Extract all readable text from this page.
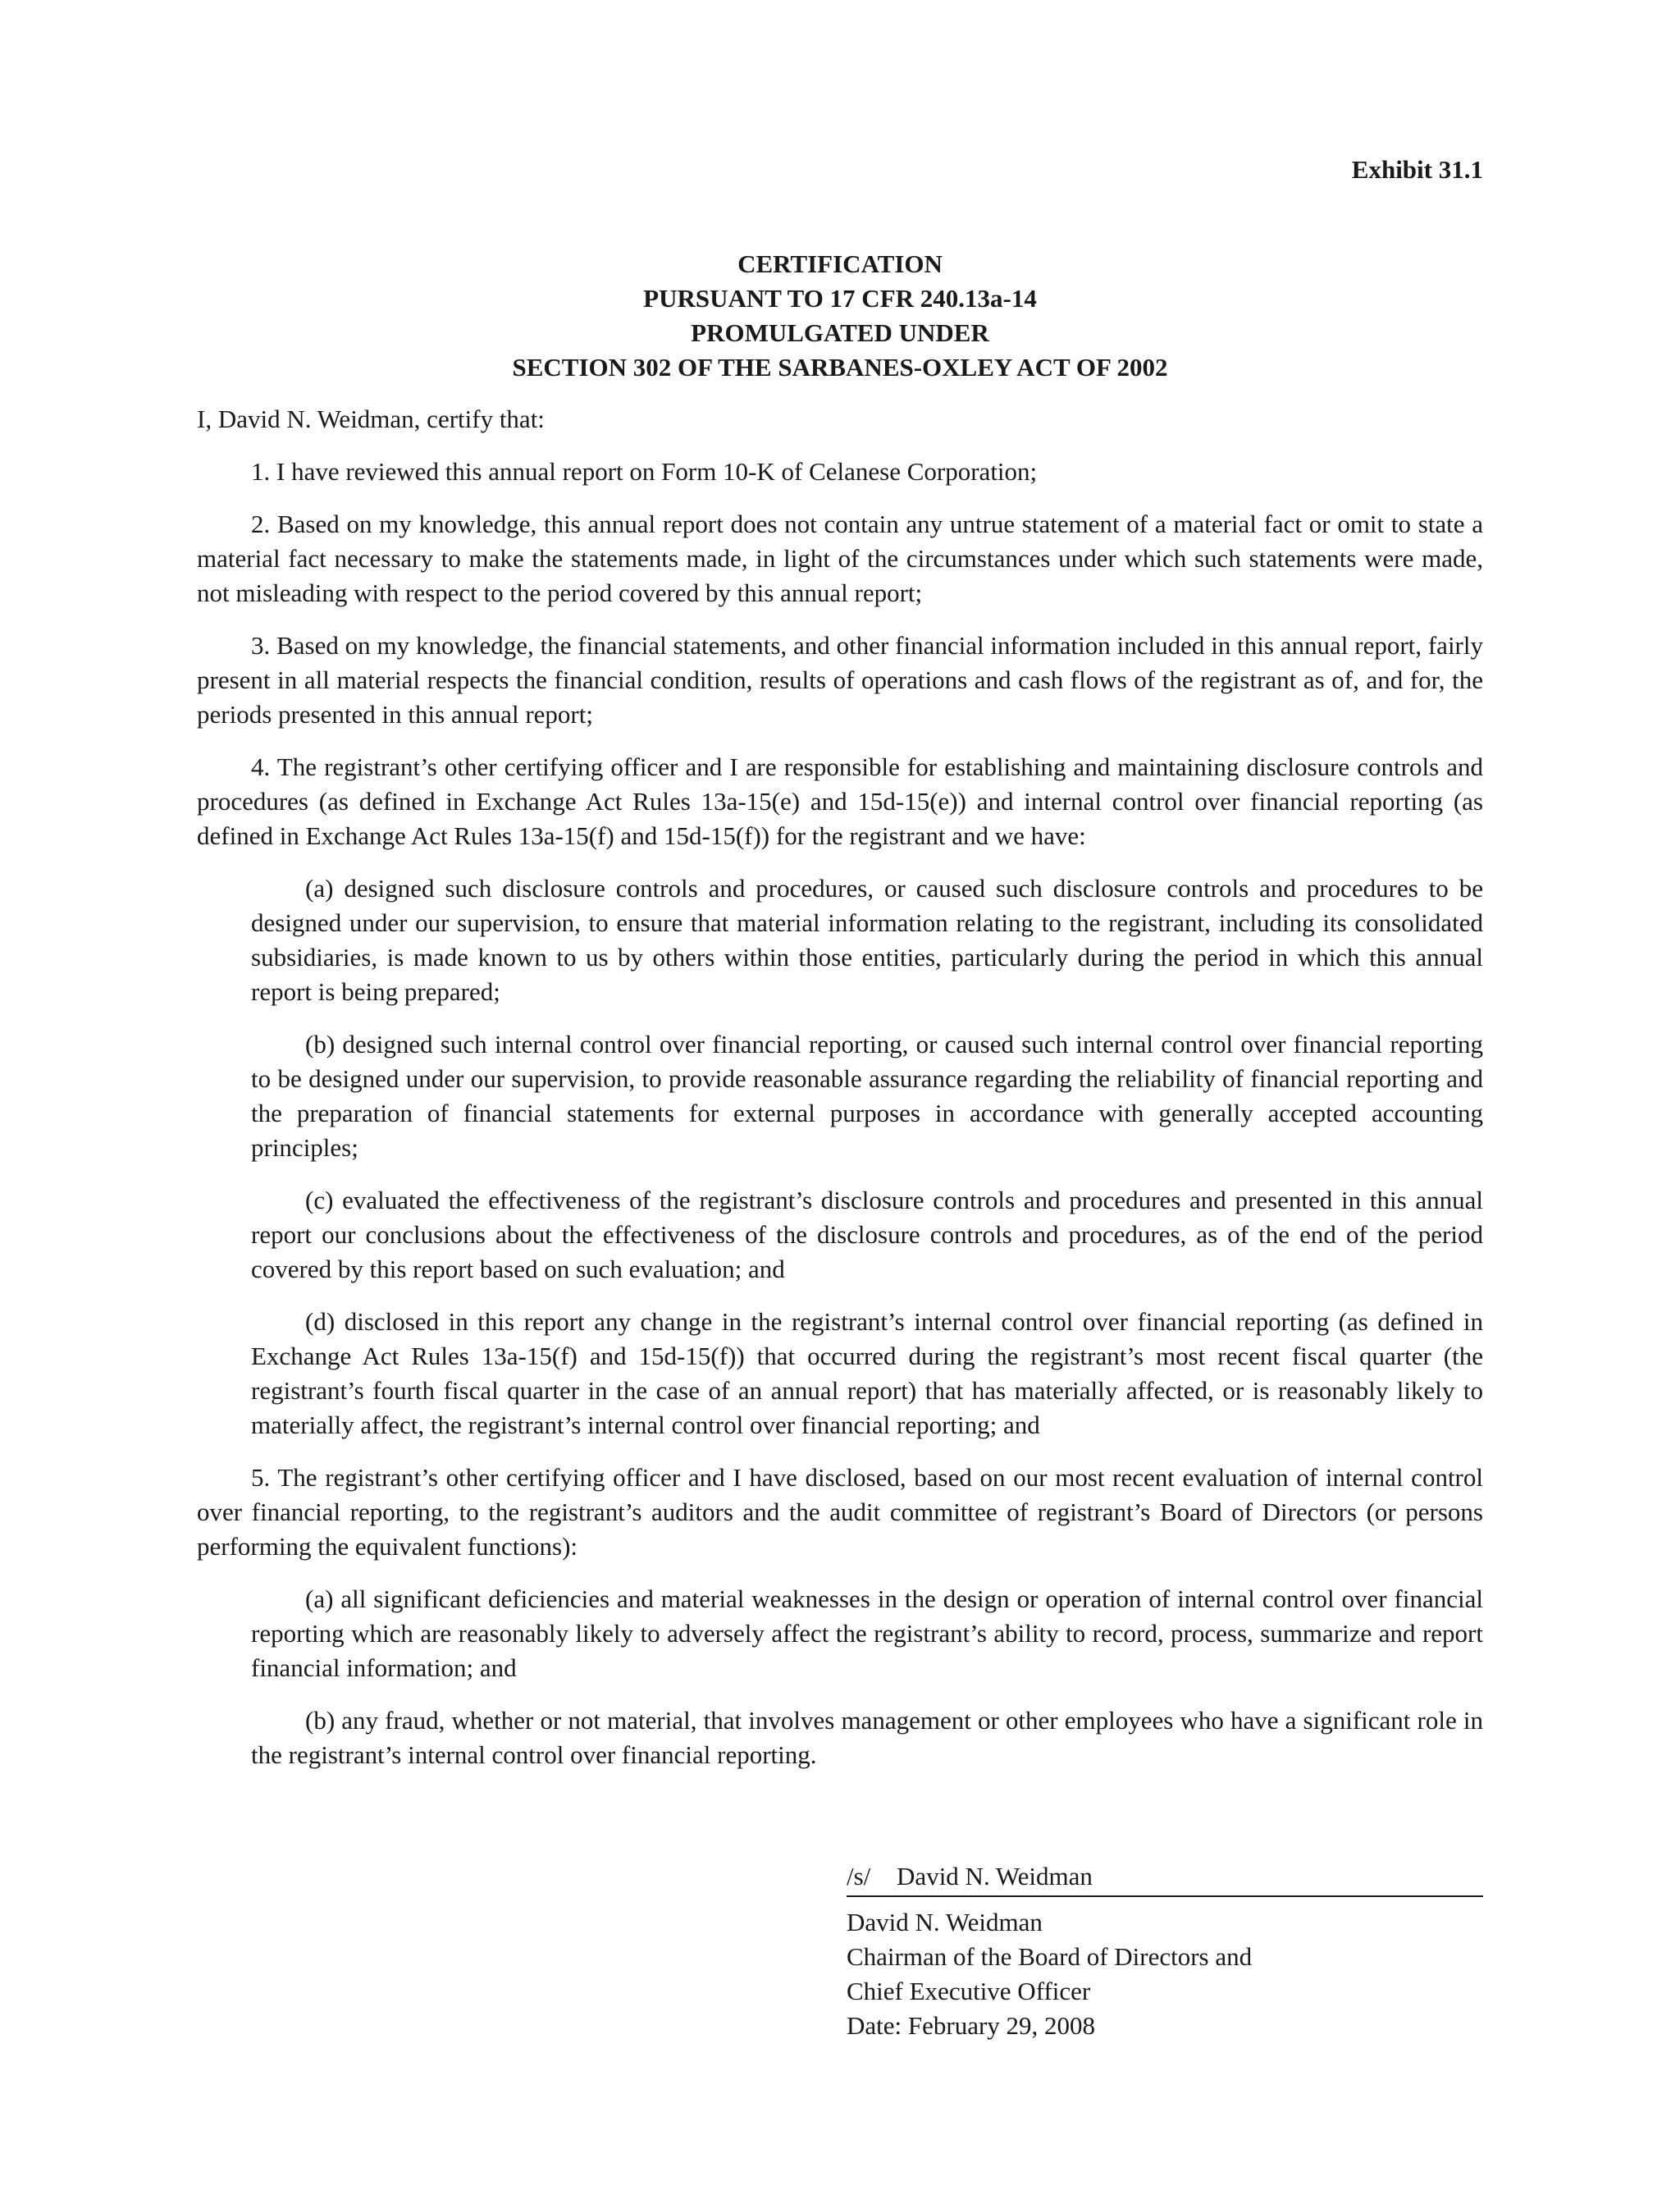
Exhibit 31.1

CERTIFICATION
PURSUANT TO 17 CFR 240.13a-14
PROMULGATED UNDER
SECTION 302 OF THE SARBANES-OXLEY ACT OF 2002

I, David N. Weidman, certify that:

1. I have reviewed this annual report on Form 10-K of Celanese Corporation;

2. Based on my knowledge, this annual report does not contain any untrue statement of a material fact or omit to state a material fact necessary to make the statements made, in light of the circumstances under which such statements were made, not misleading with respect to the period covered by this annual report;

3. Based on my knowledge, the financial statements, and other financial information included in this annual report, fairly present in all material respects the financial condition, results of operations and cash flows of the registrant as of, and for, the periods presented in this annual report;

4. The registrant’s other certifying officer and I are responsible for establishing and maintaining disclosure controls and procedures (as defined in Exchange Act Rules 13a-15(e) and 15d-15(e)) and internal control over financial reporting (as defined in Exchange Act Rules 13a-15(f) and 15d-15(f)) for the registrant and we have:

(a) designed such disclosure controls and procedures, or caused such disclosure controls and procedures to be designed under our supervision, to ensure that material information relating to the registrant, including its consolidated subsidiaries, is made known to us by others within those entities, particularly during the period in which this annual report is being prepared;

(b) designed such internal control over financial reporting, or caused such internal control over financial reporting to be designed under our supervision, to provide reasonable assurance regarding the reliability of financial reporting and the preparation of financial statements for external purposes in accordance with generally accepted accounting principles;

(c) evaluated the effectiveness of the registrant’s disclosure controls and procedures and presented in this annual report our conclusions about the effectiveness of the disclosure controls and procedures, as of the end of the period covered by this report based on such evaluation; and

(d) disclosed in this report any change in the registrant’s internal control over financial reporting (as defined in Exchange Act Rules 13a-15(f) and 15d-15(f)) that occurred during the registrant’s most recent fiscal quarter (the registrant’s fourth fiscal quarter in the case of an annual report) that has materially affected, or is reasonably likely to materially affect, the registrant’s internal control over financial reporting; and

5. The registrant’s other certifying officer and I have disclosed, based on our most recent evaluation of internal control over financial reporting, to the registrant’s auditors and the audit committee of registrant’s Board of Directors (or persons performing the equivalent functions):

(a) all significant deficiencies and material weaknesses in the design or operation of internal control over financial reporting which are reasonably likely to adversely affect the registrant’s ability to record, process, summarize and report financial information; and

(b) any fraud, whether or not material, that involves management or other employees who have a significant role in the registrant’s internal control over financial reporting.

/s/ David N. Weidman
David N. Weidman
Chairman of the Board of Directors and
Chief Executive Officer
Date: February 29, 2008
